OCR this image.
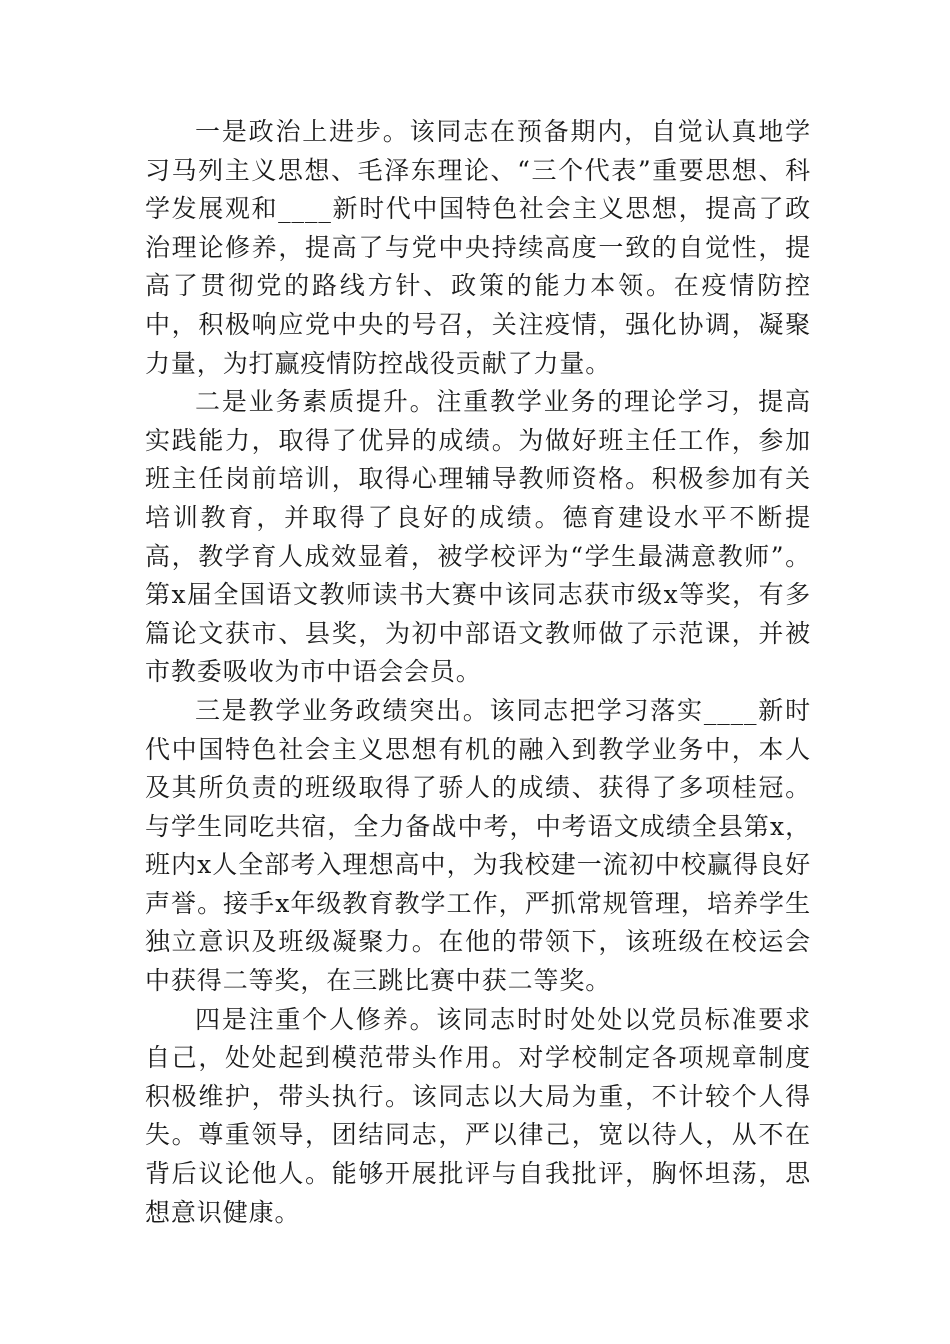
一是政治上进步。该同志在预备期内，自觉认真地学习马列主义思想、毛泽东理论、“三个代表”重要思想、科学发展观和____新时代中国特色社会主义思想，提高了政治理论修养，提高了与党中央持续高度一致的自觉性，提高了贯彻党的路线方针、政策的能力本领。在疫情防控中，积极响应党中央的号召，关注疫情，强化协调，凝聚力量，为打赢疫情防控战役贡献了力量。

二是业务素质提升。注重教学业务的理论学习，提高实践能力，取得了优异的成绩。为做好班主任工作，参加班主任岗前培训，取得心理辅导教师资格。积极参加有关培训教育，并取得了良好的成绩。德育建设水平不断提高，教学育人成效显着，被学校评为“学生最满意教师”。第x届全国语文教师读书大赛中该同志获市级x等奖，有多篇论文获市、县奖，为初中部语文教师做了示范课，并被市教委吸收为市中语会会员。

三是教学业务政绩突出。该同志把学习落实____新时代中国特色社会主义思想有机的融入到教学业务中，本人及其所负责的班级取得了骄人的成绩、获得了多项桂冠。与学生同吃共宿，全力备战中考，中考语文成绩全县第x，班内x人全部考入理想高中，为我校建一流初中校赢得良好声誉。接手x年级教育教学工作，严抓常规管理，培养学生独立意识及班级凝聚力。在他的带领下，该班级在校运会中获得二等奖，在三跳比赛中获二等奖。

四是注重个人修养。该同志时时处处以党员标准要求自己，处处起到模范带头作用。对学校制定各项规章制度积极维护，带头执行。该同志以大局为重，不计较个人得失。尊重领导，团结同志，严以律己，宽以待人，从不在背后议论他人。能够开展批评与自我批评，胸怀坦荡，思想意识健康。
